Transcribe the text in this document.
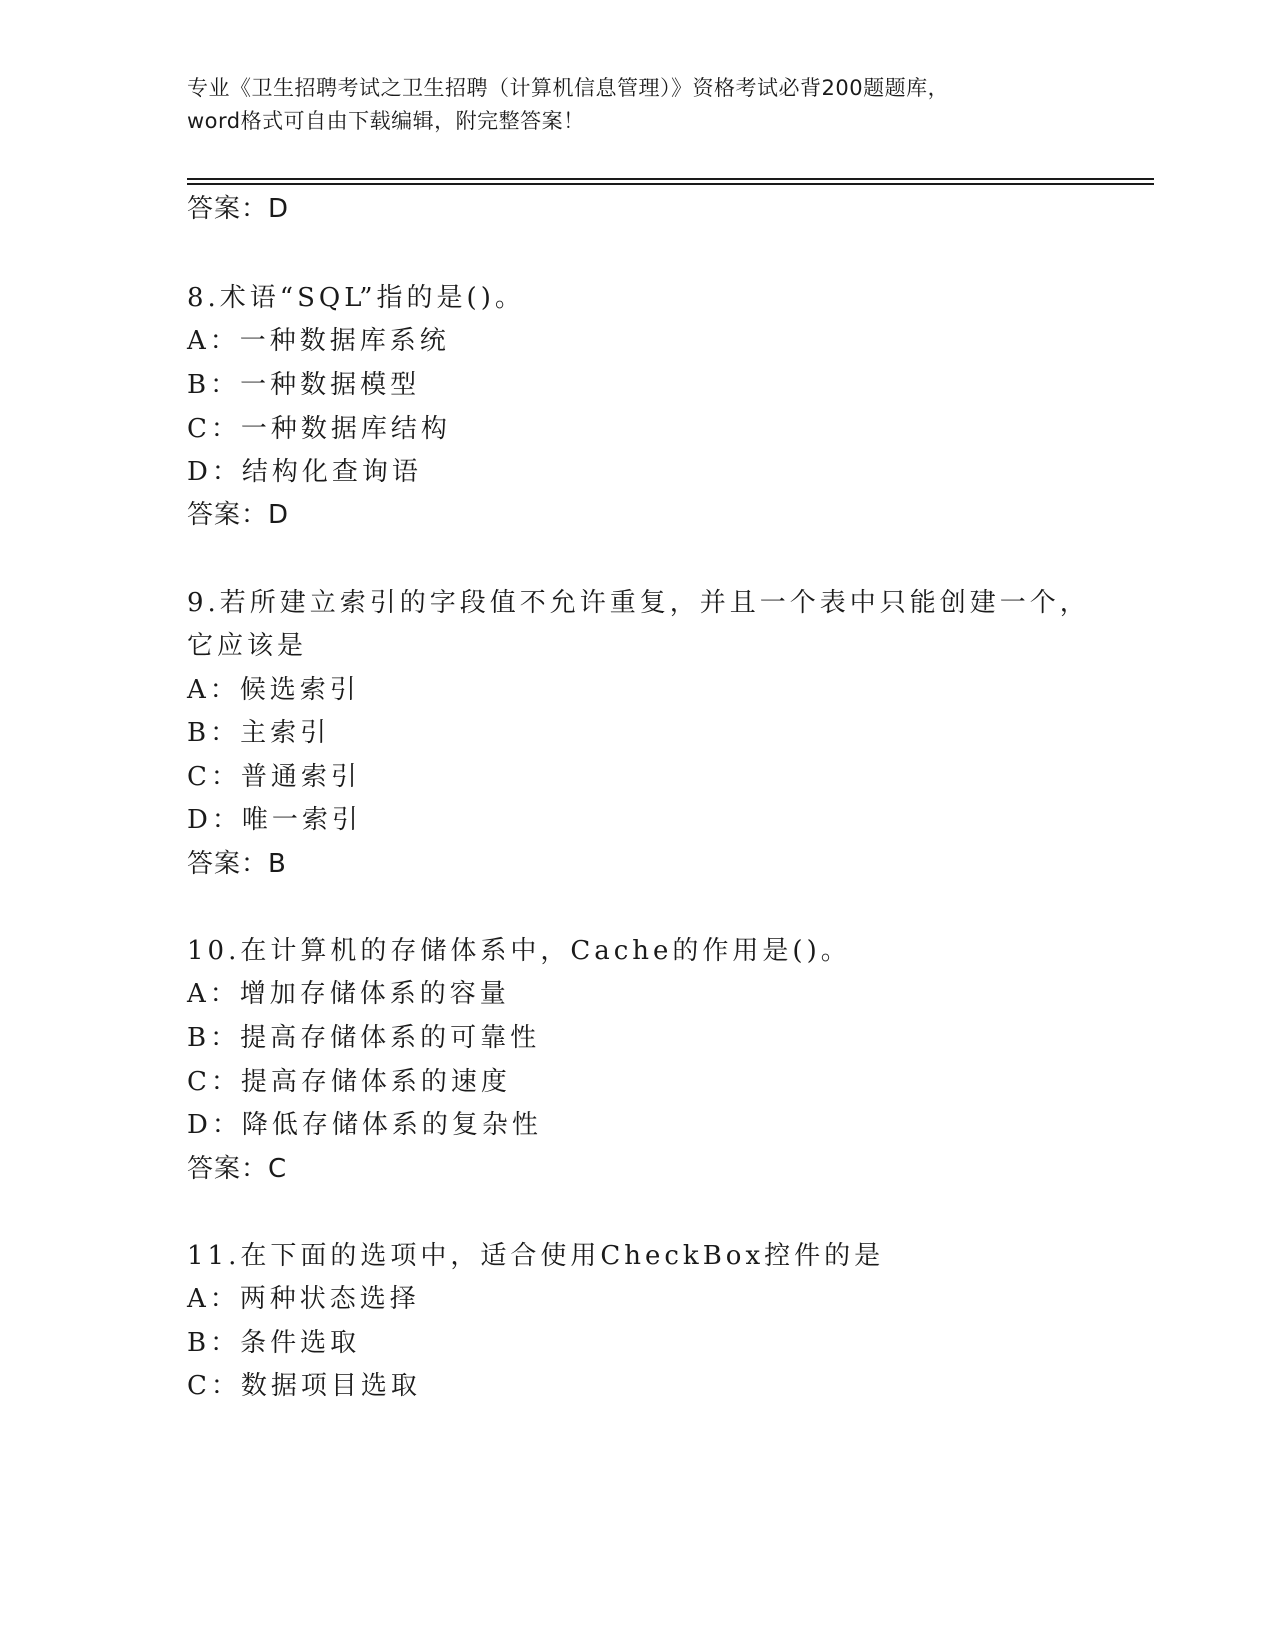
专业《卫生招聘考试之卫生招聘（计算机信息管理）》资格考试必背200题题库，
word格式可自由下载编辑，附完整答案！
答案：D
8.术语“SQL”指的是()。
A：一种数据库系统
B：一种数据模型
C：一种数据库结构
D：结构化查询语
答案：D
9.若所建立索引的字段值不允许重复，并且一个表中只能创建一个，
它应该是
A：候选索引
B：主索引
C：普通索引
D：唯一索引
答案：B
10.在计算机的存储体系中，Cache的作用是()。
A：增加存储体系的容量
B：提高存储体系的可靠性
C：提高存储体系的速度
D：降低存储体系的复杂性
答案：C
11.在下面的选项中，适合使用CheckBox控件的是
A：两种状态选择
B：条件选取
C：数据项目选取
